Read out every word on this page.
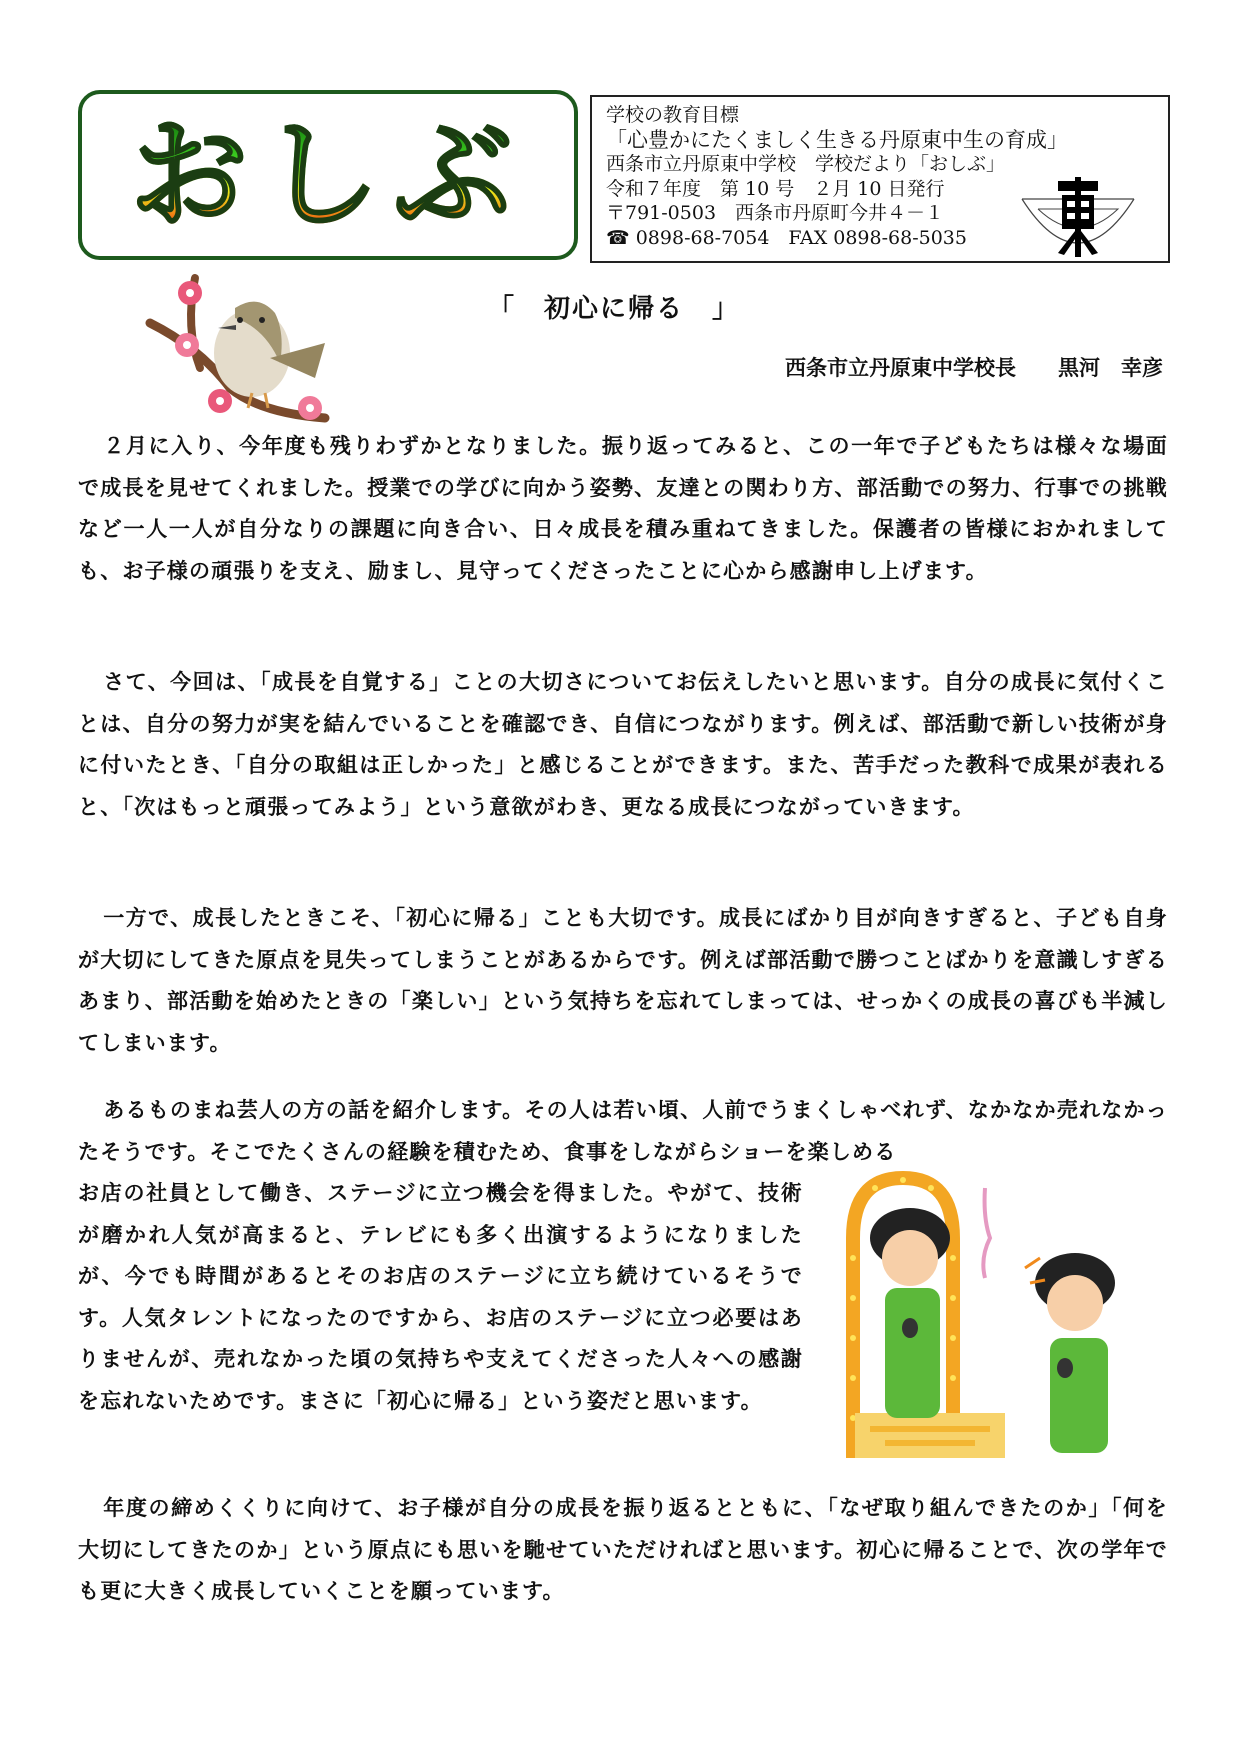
おしぶ	学校の教育目標
「心豊かにたくましく生きる丹原東中生の育成」
西条市立丹原東中学校　学校だより「おしぶ」
令和７年度　第 10 号　２月 10 日発行
〒791-0503　西条市丹原町今井４－１
☎ 0898-68-7054　FAX 0898-68-5035
「　初心に帰る　」
西条市立丹原東中学校長　　黒河　幸彦

２月に入り、今年度も残りわずかとなりました。振り返ってみると、この一年で子どもたちは様々な場面で成長を見せてくれました。授業での学びに向かう姿勢、友達との関わり方、部活動での努力、行事での挑戦など一人一人が自分なりの課題に向き合い、日々成長を積み重ねてきました。保護者の皆様におかれましても、お子様の頑張りを支え、励まし、見守ってくださったことに心から感謝申し上げます。

さて、今回は、「成長を自覚する」ことの大切さについてお伝えしたいと思います。自分の成長に気付くことは、自分の努力が実を結んでいることを確認でき、自信につながります。例えば、部活動で新しい技術が身に付いたとき、「自分の取組は正しかった」と感じることができます。また、苦手だった教科で成果が表れると、「次はもっと頑張ってみよう」という意欲がわき、更なる成長につながっていきます。

一方で、成長したときこそ、「初心に帰る」ことも大切です。成長にばかり目が向きすぎると、子ども自身が大切にしてきた原点を見失ってしまうことがあるからです。例えば部活動で勝つことばかりを意識しすぎるあまり、部活動を始めたときの「楽しい」という気持ちを忘れてしまっては、せっかくの成長の喜びも半減してしまいます。

あるものまね芸人の方の話を紹介します。その人は若い頃、人前でうまくしゃべれず、なかなか売れなかったそうです。そこでたくさんの経験を積むため、食事をしながらショーを楽しめる

お店の社員として働き、ステージに立つ機会を得ました。やがて、技術が磨かれ人気が高まると、テレビにも多く出演するようになりましたが、今でも時間があるとそのお店のステージに立ち続けているそうです。人気タレントになったのですから、お店のステージに立つ必要はありませんが、売れなかった頃の気持ちや支えてくださった人々への感謝を忘れないためです。まさに「初心に帰る」という姿だと思います。

年度の締めくくりに向けて、お子様が自分の成長を振り返るとともに、「なぜ取り組んできたのか」「何を大切にしてきたのか」という原点にも思いを馳せていただければと思います。初心に帰ることで、次の学年でも更に大きく成長していくことを願っています。
